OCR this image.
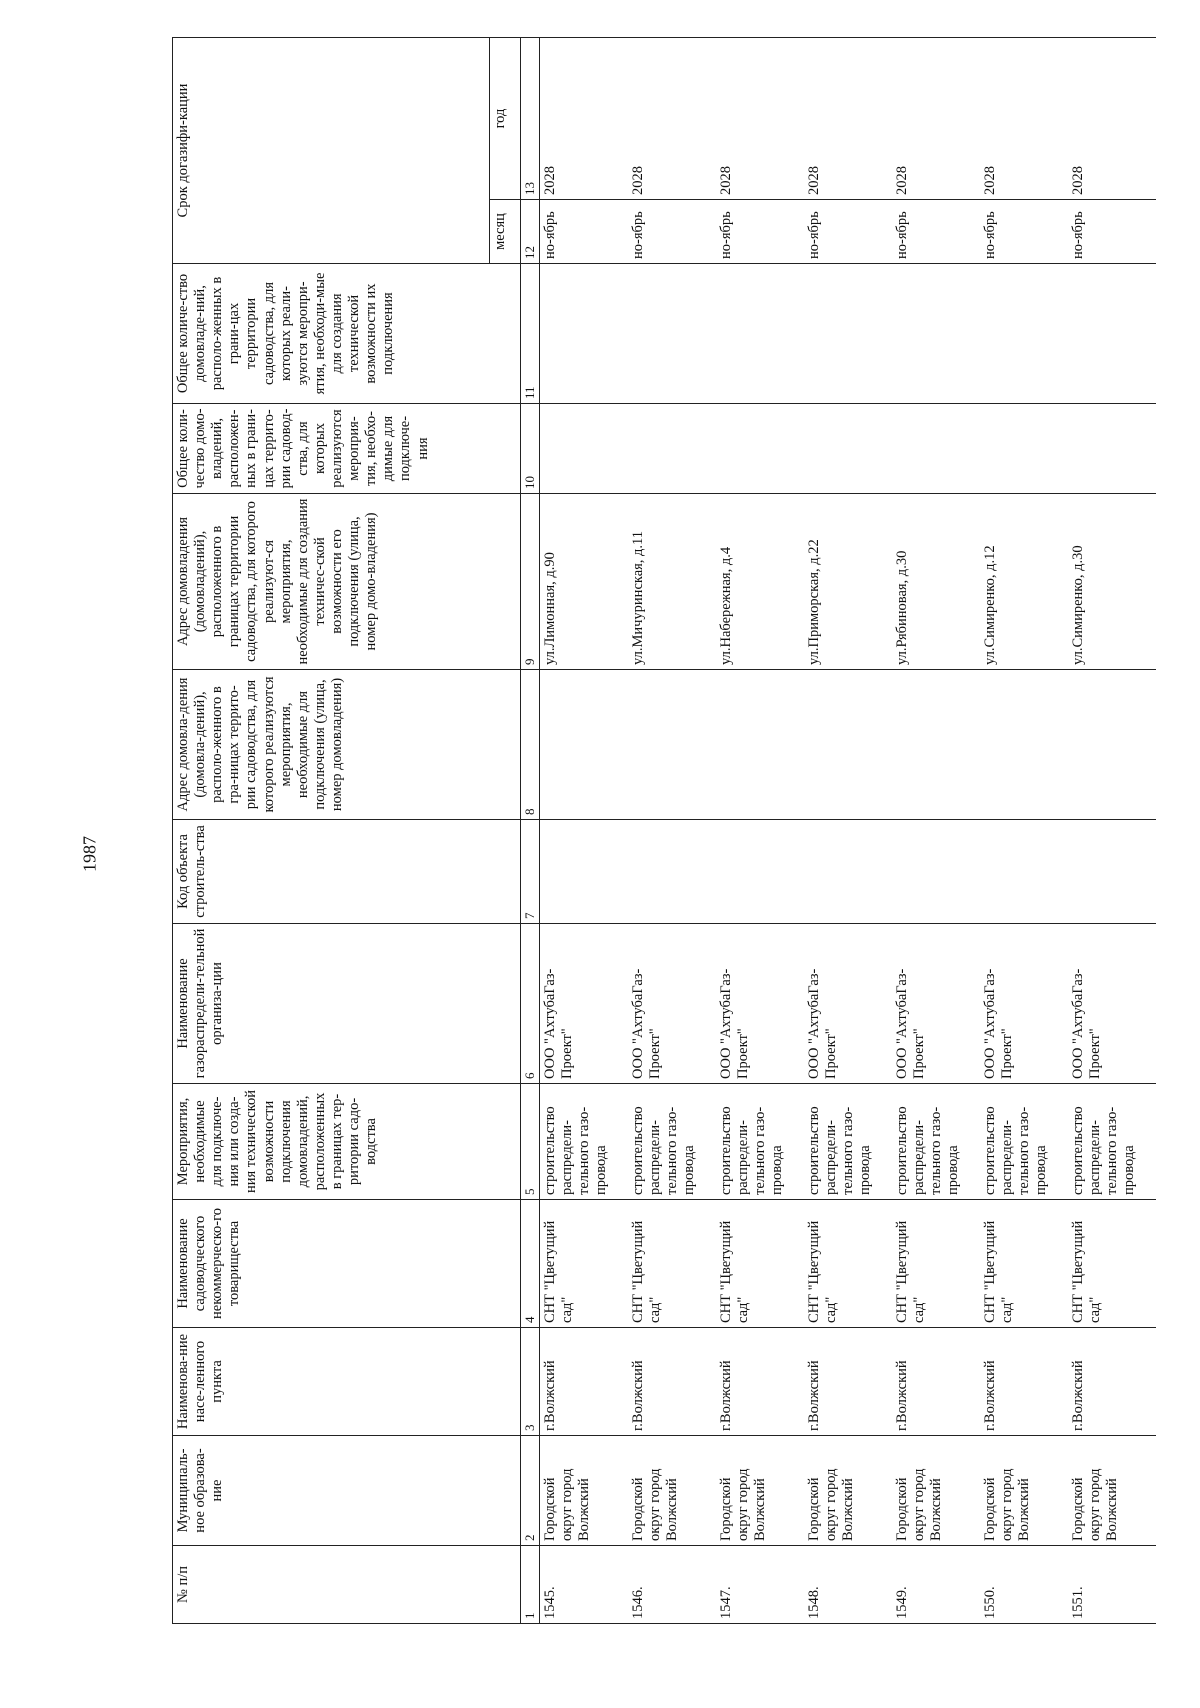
1987
№ п/п	Муниципаль-ное образова-ние	Наименова-ние насе-ленного пункта	Наименование садоводческого некоммерческо-го товарищества	Мероприятия, необходимые для подключе-ния или созда-ния технической возможности подключения домовладений, расположенных в границах тер-ритории садо-водства	Наименование газораспредели-тельной организа-ции	Код объекта строитель-ства	Адрес домовла-дения (домовла-дений), располо-женного в гра-ницах террито-рии садоводства, для которого реализуются мероприятия, необходимые для подключения (улица, номер домовладения)	Адрес домовладения (домовладений), расположенного в границах территории садоводства, для которого реализуют-ся мероприятия, необходимые для создания техничес-ской возможности его подключения (улица, номер домо-владения)	Общее коли-чество домо-владений, расположен-ных в грани-цах террито-рии садовод-ства, для которых реализуются мероприя-тия, необхо-димые для подключе-ния	Общее количе-ство домовладе-ний, располо-женных в грани-цах территории садоводства, для которых реали-зуются меропри-ятия, необходи-мые для создания технической возможности их подключения	Срок догазифи-кации	
											месяц	год
1	2	3	4	5	6	7	8	9	10	11	12	13
1545.	Городской округ город Волжский	г.Волжский	СНТ "Цветущий сад"	строительство распредели-тельного газо-провода	ООО "АхтубаГаз-Проект"			ул.Лимонная, д.90			но-ябрь	2028
1546.	Городской округ город Волжский	г.Волжский	СНТ "Цветущий сад"	строительство распредели-тельного газо-провода	ООО "АхтубаГаз-Проект"			ул.Мичуринская, д.11			но-ябрь	2028
1547.	Городской округ город Волжский	г.Волжский	СНТ "Цветущий сад"	строительство распредели-тельного газо-провода	ООО "АхтубаГаз-Проект"			ул.Набережная, д.4			но-ябрь	2028
1548.	Городской округ город Волжский	г.Волжский	СНТ "Цветущий сад"	строительство распредели-тельного газо-провода	ООО "АхтубаГаз-Проект"			ул.Приморская, д.22			но-ябрь	2028
1549.	Городской округ город Волжский	г.Волжский	СНТ "Цветущий сад"	строительство распредели-тельного газо-провода	ООО "АхтубаГаз-Проект"			ул.Рябиновая, д.30			но-ябрь	2028
1550.	Городской округ город Волжский	г.Волжский	СНТ "Цветущий сад"	строительство распредели-тельного газо-провода	ООО "АхтубаГаз-Проект"			ул.Симиренко, д.12			но-ябрь	2028
1551.	Городской округ город Волжский	г.Волжский	СНТ "Цветущий сад"	строительство распредели-тельного газо-провода	ООО "АхтубаГаз-Проект"			ул.Симиренко, д.30			но-ябрь	2028
